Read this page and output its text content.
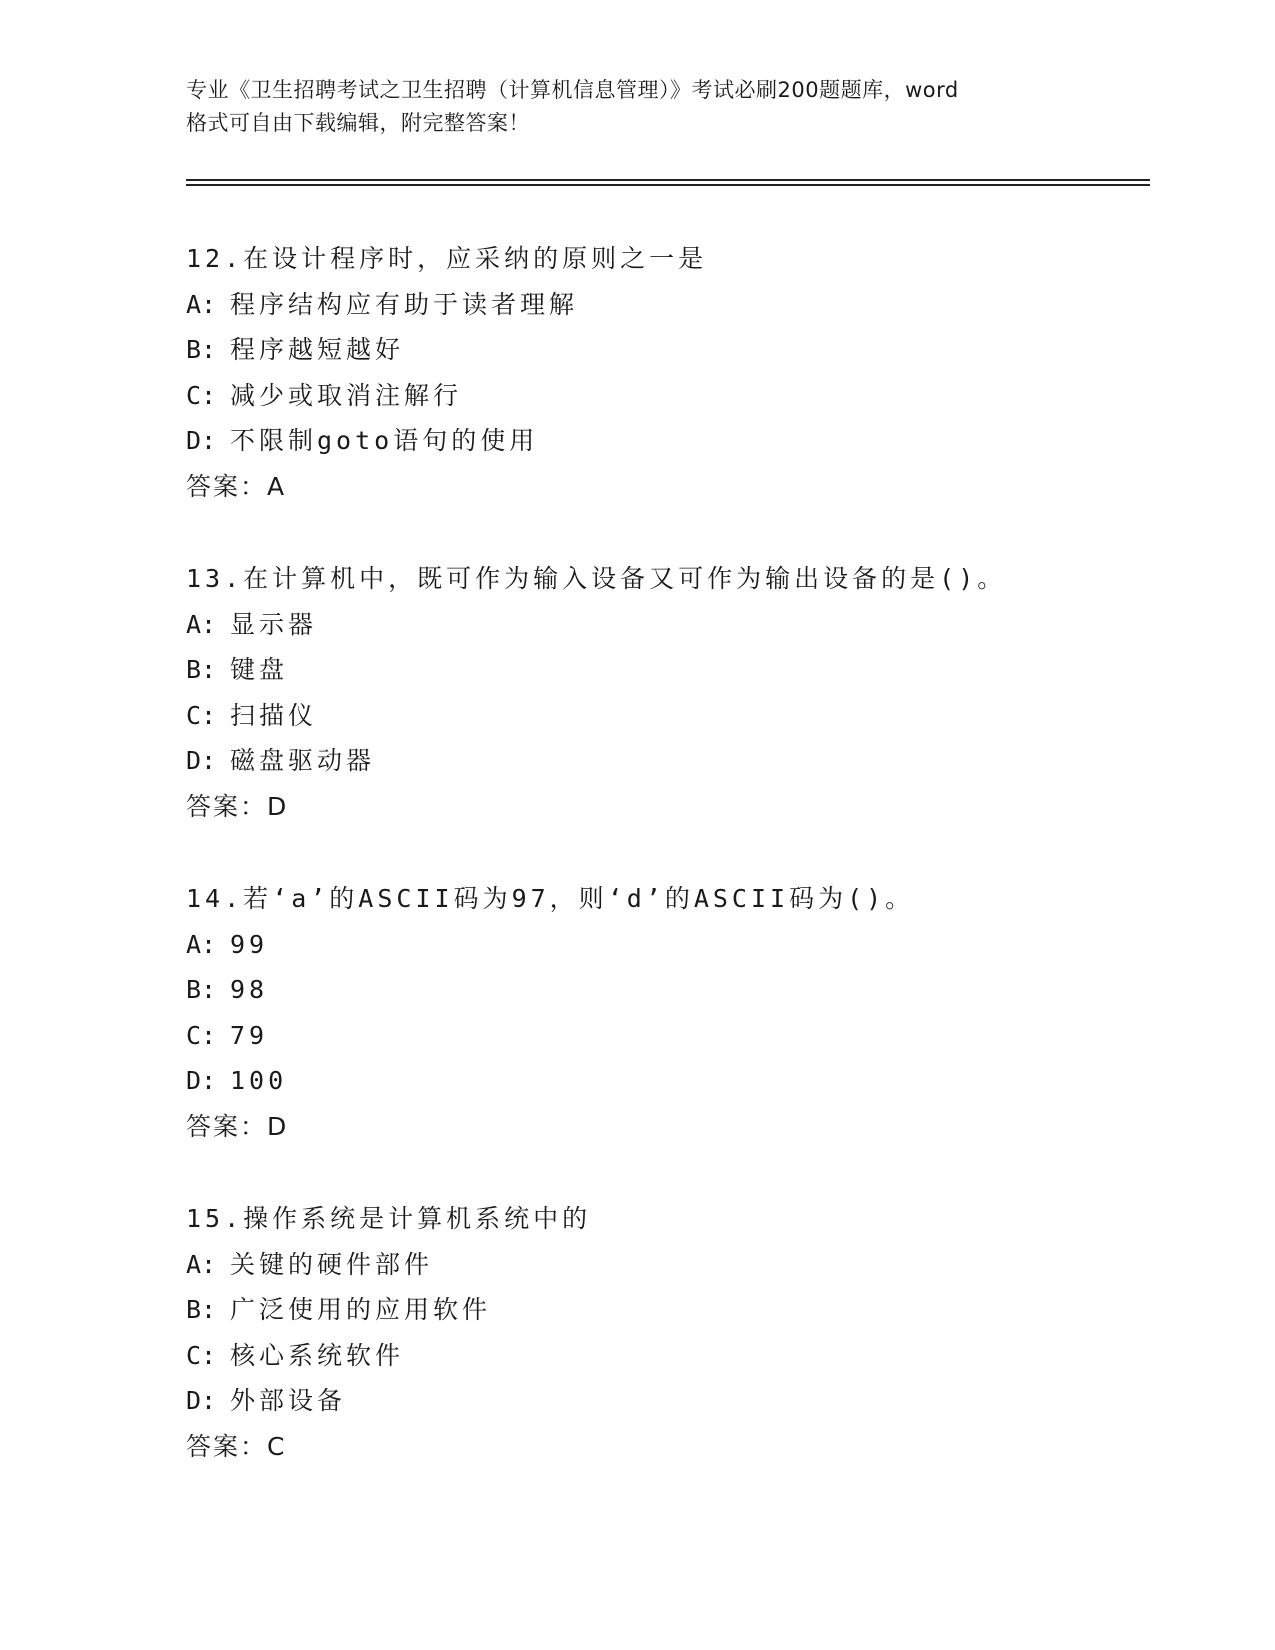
专业《卫生招聘考试之卫生招聘（计算机信息管理）》考试必刷200题题库，word
格式可自由下载编辑，附完整答案！
12.在设计程序时，应采纳的原则之一是
A: 程序结构应有助于读者理解
B: 程序越短越好
C: 减少或取消注解行
D: 不限制goto语句的使用
答案：A
13.在计算机中，既可作为输入设备又可作为输出设备的是()。
A: 显示器
B: 键盘
C: 扫描仪
D: 磁盘驱动器
答案：D
14.若‘a’的ASCII码为97，则‘d’的ASCII码为()。
A: 99
B: 98
C: 79
D: 100
答案：D
15.操作系统是计算机系统中的
A: 关键的硬件部件
B: 广泛使用的应用软件
C: 核心系统软件
D: 外部设备
答案：C
